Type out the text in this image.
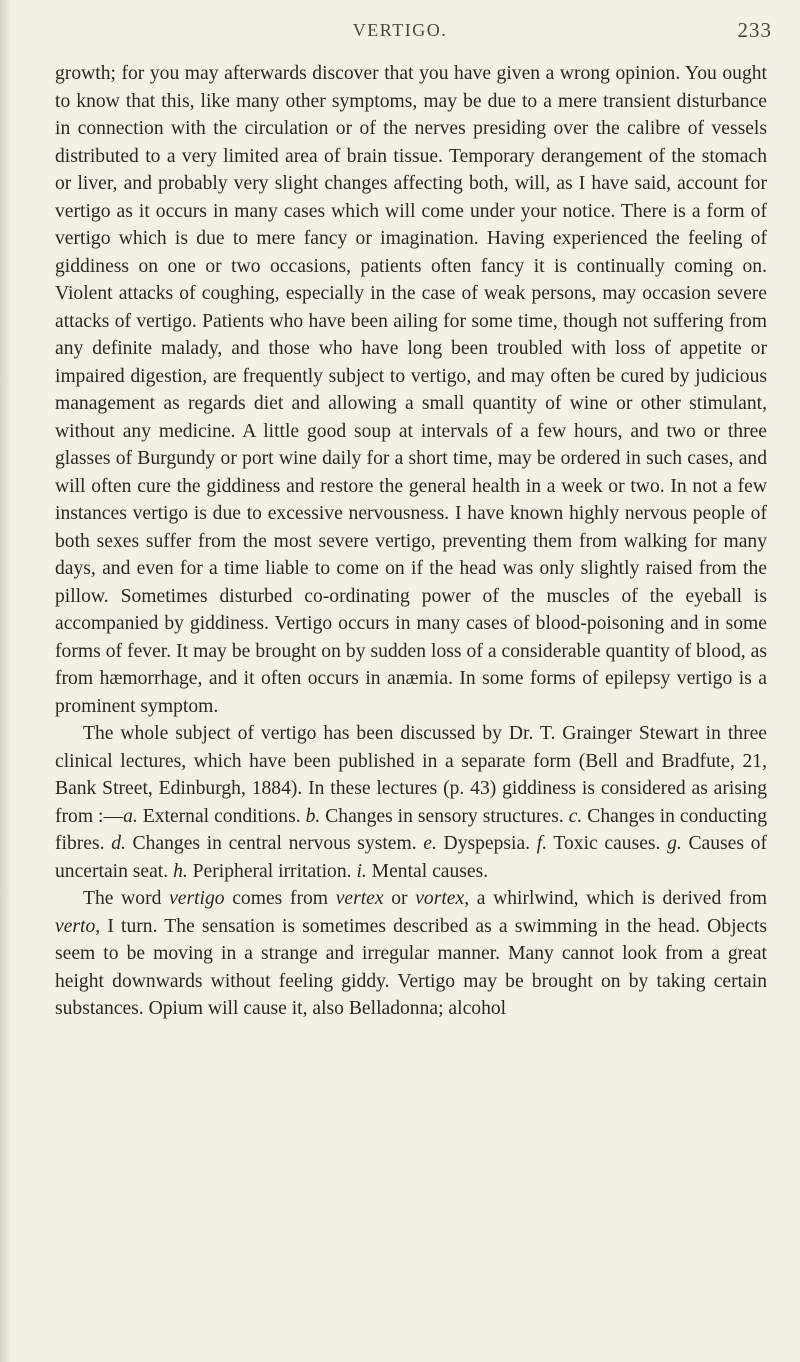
VERTIGO.	233

growth; for you may afterwards discover that you have given a wrong opinion. You ought to know that this, like many other symptoms, may be due to a mere transient disturbance in connection with the circulation or of the nerves presiding over the calibre of vessels distributed to a very limited area of brain tissue. Temporary derangement of the stomach or liver, and probably very slight changes affecting both, will, as I have said, account for vertigo as it occurs in many cases which will come under your notice. There is a form of vertigo which is due to mere fancy or imagination. Having experienced the feeling of giddiness on one or two occasions, patients often fancy it is continually coming on. Violent attacks of coughing, especially in the case of weak persons, may occasion severe attacks of vertigo. Patients who have been ailing for some time, though not suffering from any definite malady, and those who have long been troubled with loss of appetite or impaired digestion, are frequently subject to vertigo, and may often be cured by judicious management as regards diet and allowing a small quantity of wine or other stimulant, without any medicine. A little good soup at intervals of a few hours, and two or three glasses of Burgundy or port wine daily for a short time, may be ordered in such cases, and will often cure the giddiness and restore the general health in a week or two. In not a few instances vertigo is due to excessive nervousness. I have known highly nervous people of both sexes suffer from the most severe vertigo, preventing them from walking for many days, and even for a time liable to come on if the head was only slightly raised from the pillow. Sometimes disturbed co-ordinating power of the muscles of the eyeball is accompanied by giddiness. Vertigo occurs in many cases of blood-poisoning and in some forms of fever. It may be brought on by sudden loss of a considerable quantity of blood, as from hæmorrhage, and it often occurs in anæmia. In some forms of epilepsy vertigo is a prominent symptom.

The whole subject of vertigo has been discussed by Dr. T. Grainger Stewart in three clinical lectures, which have been published in a separate form (Bell and Bradfute, 21, Bank Street, Edinburgh, 1884). In these lectures (p. 43) giddiness is considered as arising from :—a. External conditions. b. Changes in sensory structures. c. Changes in conducting fibres. d. Changes in central nervous system. e. Dyspepsia. f. Toxic causes. g. Causes of uncertain seat. h. Peripheral irritation. i. Mental causes.

The word vertigo comes from vertex or vortex, a whirlwind, which is derived from verto, I turn. The sensation is sometimes described as a swimming in the head. Objects seem to be moving in a strange and irregular manner. Many cannot look from a great height downwards without feeling giddy. Vertigo may be brought on by taking certain substances. Opium will cause it, also Belladonna; alcohol
